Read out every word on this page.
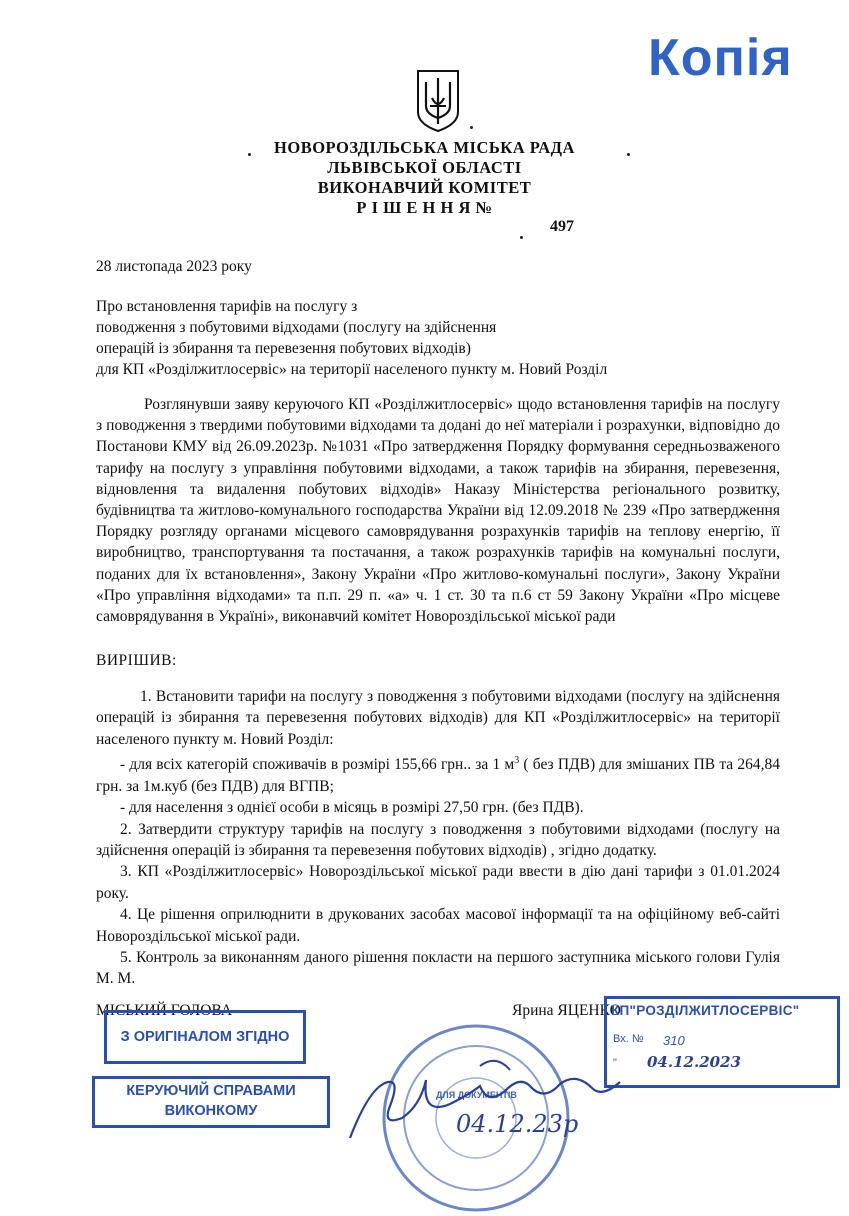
Копія
НОВОРОЗДІЛЬСЬКА МІСЬКА РАДА
ЛЬВІВСЬКОЇ ОБЛАСТІ
ВИКОНАВЧИЙ КОМІТЕТ
Р І Ш Е Н Н Я №
497
28 листопада 2023 року
Про встановлення тарифів на послугу з
поводження з побутовими відходами (послугу на здійснення
операцій із збирання та перевезення побутових відходів)
для КП «Розділжитлосервіс» на території населеного пункту м. Новий Розділ

Розглянувши заяву керуючого КП «Розділжитлосервіс» щодо встановлення тарифів на послугу з поводження з твердими побутовими відходами та додані до неї матеріали і розрахунки, відповідно до Постанови КМУ від 26.09.2023р. №1031 «Про затвердження Порядку формування середньозваженого тарифу на послугу з управління побутовими відходами, а також тарифів на збирання, перевезення, відновлення та видалення побутових відходів» Наказу Міністерства регіонального розвитку, будівництва та житлово-комунального господарства України від 12.09.2018 № 239 «Про затвердження Порядку розгляду органами місцевого самоврядування розрахунків тарифів на теплову енергію, її виробництво, транспортування та постачання, а також розрахунків тарифів на комунальні послуги, поданих для їх встановлення», Закону України «Про житлово-комунальні послуги», Закону України «Про управління відходами» та п.п. 29 п. «а» ч. 1 ст. 30 та п.6 ст 59 Закону України «Про місцеве самоврядування в Україні», виконавчий комітет Новороздільської міської ради

ВИРІШИВ:

1. Встановити тарифи на послугу з поводження з побутовими відходами (послугу на здійснення операцій із збирання та перевезення побутових відходів) для КП «Розділжитлосервіс» на території населеного пункту м. Новий Розділ:

- для всіх категорій споживачів в розмірі 155,66 грн.. за 1 $м^3$ ( без ПДВ) для змішаних ПВ та 264,84 грн. за 1м.куб (без ПДВ) для ВГПВ;

- для населення з однієї особи в місяць в розмірі 27,50 грн. (без ПДВ).

2. Затвердити структуру тарифів на послугу з поводження з побутовими відходами (послугу на здійснення операцій із збирання та перевезення побутових відходів) , згідно додатку.

3. КП «Розділжитлосервіс» Новороздільської міської ради ввести в дію дані тарифи з 01.01.2024 року.

4. Це рішення оприлюднити в друкованих засобах масової інформації та на офіційному веб-сайті Новороздільської міської ради.

5. Контроль за виконанням даного рішення покласти на першого заступника міського голови Гулія М. М.

МІСЬКИЙ ГОЛОВА	Ярина ЯЦЕНКО
З ОРИГІНАЛОМ ЗГІДНО
КЕРУЮЧИЙ СПРАВАМИ
ВИКОНКОМУ
КП"РОЗДІЛЖИТЛОСЕРВІС"
Вх. № 310
" 04.12.2023
ДЛЯ ДОКУМЕНТІВ
04.12.23р
